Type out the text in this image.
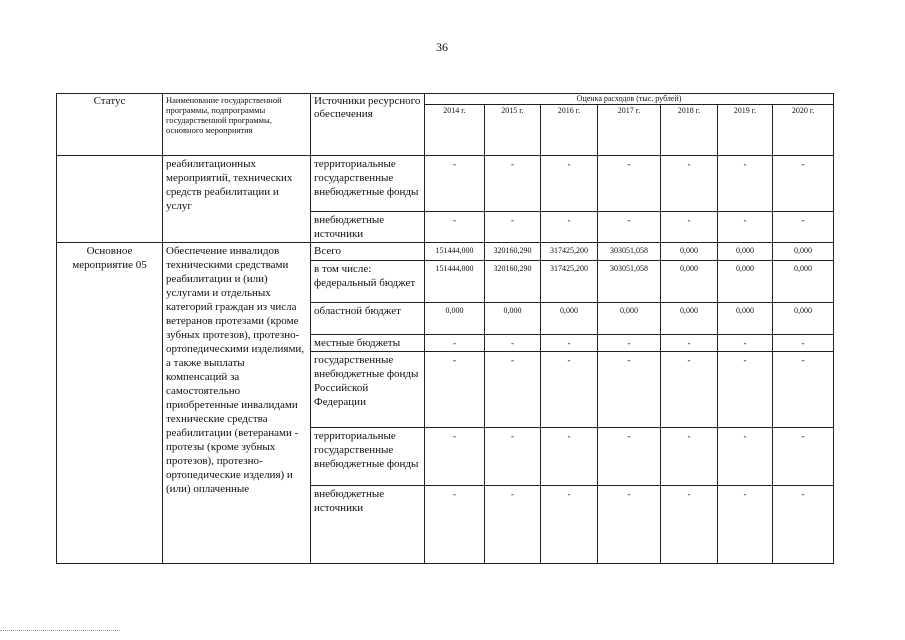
36
Статус	Наименование государственной программы, подпрограммы государственной программы, основного мероприятия	Источники ресурсного обеспечения	Оценка расходов (тыс. рублей)						
			2014 г.	2015 г.	2016 г.	2017 г.	2018 г.	2019 г.	2020 г.
	реабилитационных мероприятий, технических средств реабилитации и услуг	территориальные государственные внебюджетные фонды	-	-	-	-	-	-	-
		внебюджетные источники	-	-	-	-	-	-	-
Основное мероприятие 05	Обеспечение инвалидов техническими средствами реабилитации и (или) услугами и отдельных категорий граждан из числа ветеранов протезами (кроме зубных протезов), протезно-ортопедическими изделиями, а также выплаты компенсаций за самостоятельно приобретенные инвалидами технические средства реабилитации (ветеранами - протезы (кроме зубных протезов), протезно-ортопедические изделия) и (или) оплаченные	Всего	151444,000	320160,290	317425,200	303051,058	0,000	0,000	0,000
		в том числе: федеральный бюджет	151444,000	320160,290	317425,200	303051,058	0,000	0,000	0,000
		областной бюджет	0,000	0,000	0,000	0,000	0,000	0,000	0,000
		местные бюджеты	-	-	-	-	-	-	-
		государственные внебюджетные фонды Российской Федерации	-	-	-	-	-	-	-
		территориальные государственные внебюджетные фонды	-	-	-	-	-	-	-
		внебюджетные источники	-	-	-	-	-	-	-
